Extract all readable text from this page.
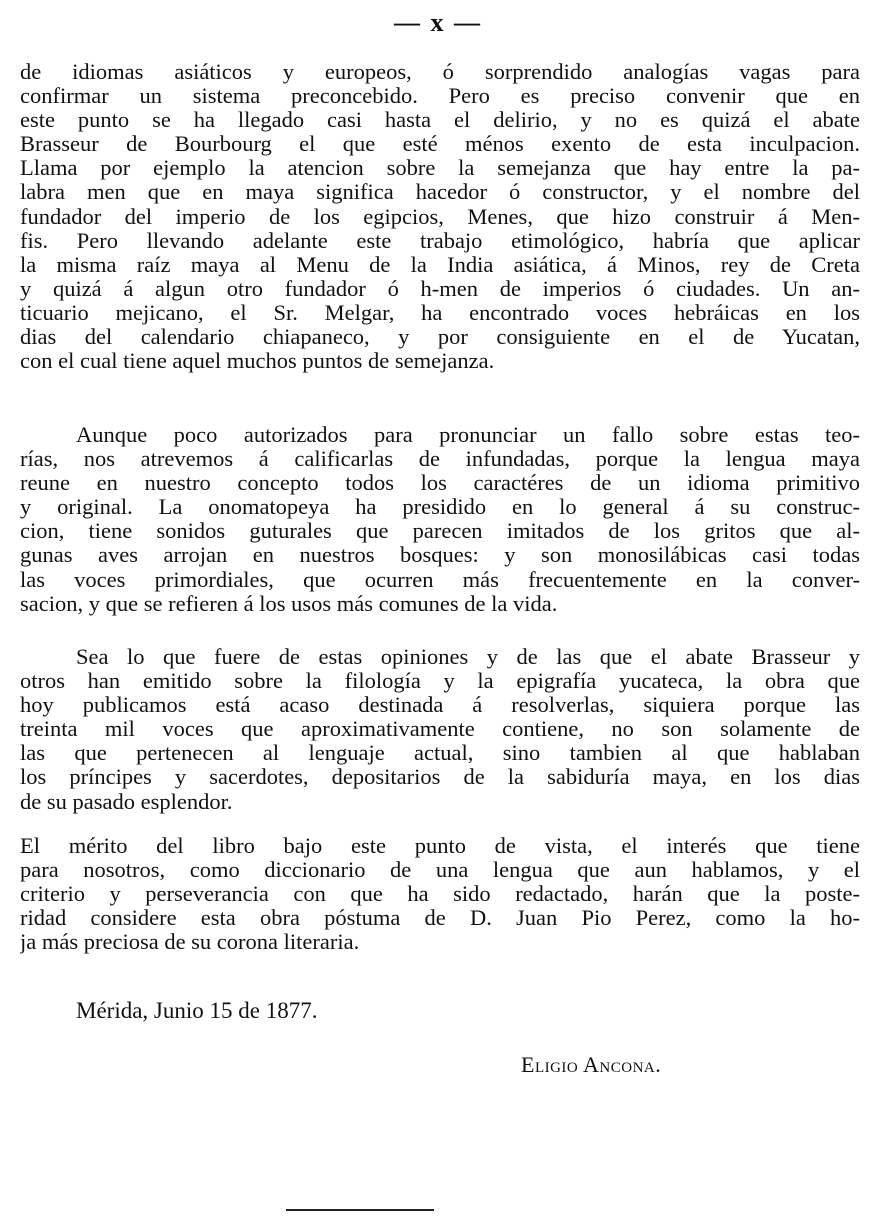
— x —
de idiomas asiáticos y europeos, ó sorprendido analogías vagas para
confirmar un sistema preconcebido. Pero es preciso convenir que en
este punto se ha llegado casi hasta el delirio, y no es quizá el abate
Brasseur de Bourbourg el que esté ménos exento de esta inculpacion.
Llama por ejemplo la atencion sobre la semejanza que hay entre la pa-
labra men que en maya significa hacedor ó constructor, y el nombre del
fundador del imperio de los egipcios, Menes, que hizo construir á Men-
fis. Pero llevando adelante este trabajo etimológico, habría que aplicar
la misma raíz maya al Menu de la India asiática, á Minos, rey de Creta
y quizá á algun otro fundador ó h-men de imperios ó ciudades. Un an-
ticuario mejicano, el Sr. Melgar, ha encontrado voces hebráicas en los
dias del calendario chiapaneco, y por consiguiente en el de Yucatan,
con el cual tiene aquel muchos puntos de semejanza.
Aunque poco autorizados para pronunciar un fallo sobre estas teo-
rías, nos atrevemos á calificarlas de infundadas, porque la lengua maya
reune en nuestro concepto todos los caractéres de un idioma primitivo
y original. La onomatopeya ha presidido en lo general á su construc-
cion, tiene sonidos guturales que parecen imitados de los gritos que al-
gunas aves arrojan en nuestros bosques: y son monosilábicas casi todas
las voces primordiales, que ocurren más frecuentemente en la conver-
sacion, y que se refieren á los usos más comunes de la vida.
Sea lo que fuere de estas opiniones y de las que el abate Brasseur y
otros han emitido sobre la filología y la epigrafía yucateca, la obra que
hoy publicamos está acaso destinada á resolverlas, siquiera porque las
treinta mil voces que aproximativamente contiene, no son solamente de
las que pertenecen al lenguaje actual, sino tambien al que hablaban
los príncipes y sacerdotes, depositarios de la sabiduría maya, en los dias
de su pasado esplendor.
El mérito del libro bajo este punto de vista, el interés que tiene
para nosotros, como diccionario de una lengua que aun hablamos, y el
criterio y perseverancia con que ha sido redactado, harán que la poste-
ridad considere esta obra póstuma de D. Juan Pio Perez, como la ho-
ja más preciosa de su corona literaria.
Mérida, Junio 15 de 1877.
Eligio Ancona.
